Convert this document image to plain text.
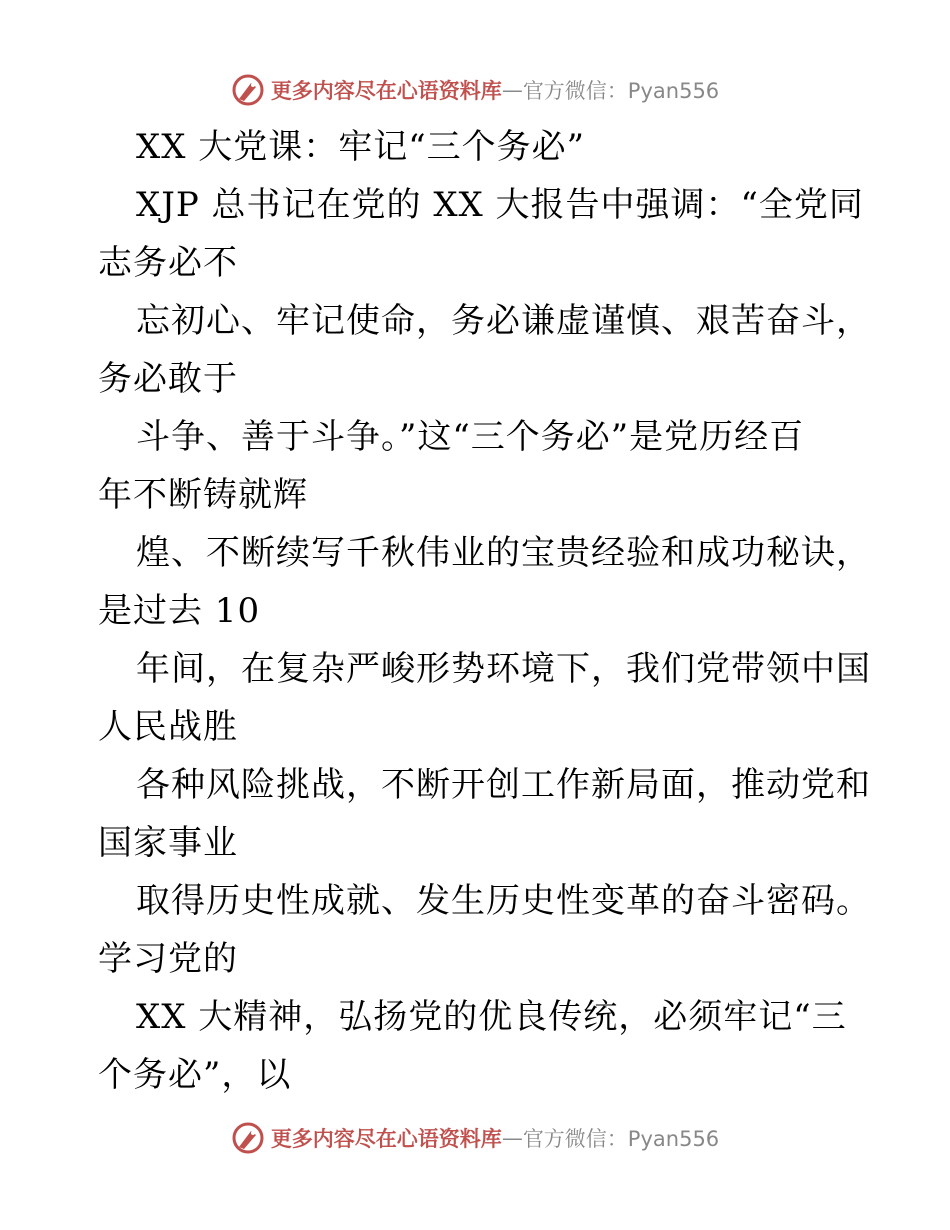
更多内容尽在心语资料库 — 官方微信：Pyan556
XX 大党课：牢记“三个务必”
XJP 总书记在党的 XX 大报告中强调：“全党同
志务必不
忘初心、牢记使命，务必谦虚谨慎、艰苦奋斗，
务必敢于
斗争、善于斗争。”这“三个务必”是党历经百
年不断铸就辉
煌、不断续写千秋伟业的宝贵经验和成功秘诀，
是过去 10
年间，在复杂严峻形势环境下，我们党带领中国
人民战胜
各种风险挑战，不断开创工作新局面，推动党和
国家事业
取得历史性成就、发生历史性变革的奋斗密码。
学习党的
XX 大精神，弘扬党的优良传统，必须牢记“三
个务必”，以
更多内容尽在心语资料库 — 官方微信：Pyan556
